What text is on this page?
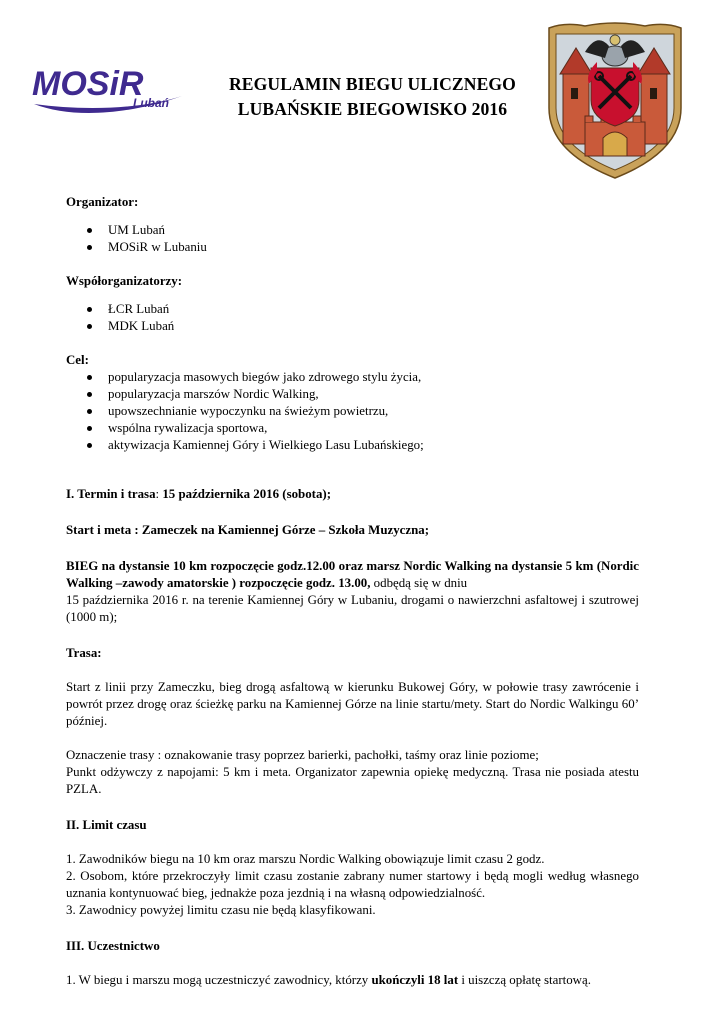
MOSiR
Lubań
REGULAMIN BIEGU ULICZNEGO
LUBAŃSKIE BIEGOWISKO 2016

Organizator:

UM Lubań
MOSiR w Lubaniu

Współorganizatorzy:

ŁCR Lubań
MDK Lubań

Cel:

popularyzacja masowych biegów jako zdrowego stylu życia,
popularyzacja marszów Nordic Walking,
upowszechnianie wypoczynku na świeżym powietrzu,
wspólna rywalizacja sportowa,
aktywizacja Kamiennej Góry i Wielkiego Lasu Lubańskiego;

I. Termin i trasa: 15 października 2016 (sobota);

Start i meta : Zameczek na Kamiennej Górze – Szkoła Muzyczna;

BIEG na dystansie 10 km rozpoczęcie godz.12.00 oraz marsz Nordic Walking na dystansie 5 km (Nordic Walking –zawody amatorskie ) rozpoczęcie godz. 13.00, odbędą się w dniu

15 października 2016 r. na terenie Kamiennej Góry w Lubaniu, drogami o nawierzchni asfaltowej i szutrowej (1000 m);

Trasa:

Start z linii przy Zameczku, bieg drogą asfaltową w kierunku Bukowej Góry, w połowie trasy zawrócenie i powrót przez drogę oraz ścieżkę parku na Kamiennej Górze na linie startu/mety. Start do Nordic Walkingu 60’ później.

Oznaczenie trasy : oznakowanie trasy poprzez barierki, pachołki, taśmy oraz linie poziome;

Punkt odżywczy z napojami: 5 km i meta. Organizator zapewnia opiekę medyczną. Trasa nie posiada atestu PZLA.

II. Limit czasu

1. Zawodników biegu na 10 km oraz marszu Nordic Walking obowiązuje limit czasu 2 godz.

2. Osobom, które przekroczyły limit czasu zostanie zabrany numer startowy i będą mogli według własnego uznania kontynuować bieg, jednakże poza jezdnią i na własną odpowiedzialność.

3. Zawodnicy powyżej limitu czasu nie będą klasyfikowani.

III. Uczestnictwo

1. W biegu i marszu mogą uczestniczyć zawodnicy, którzy ukończyli 18 lat i uiszczą opłatę startową.
